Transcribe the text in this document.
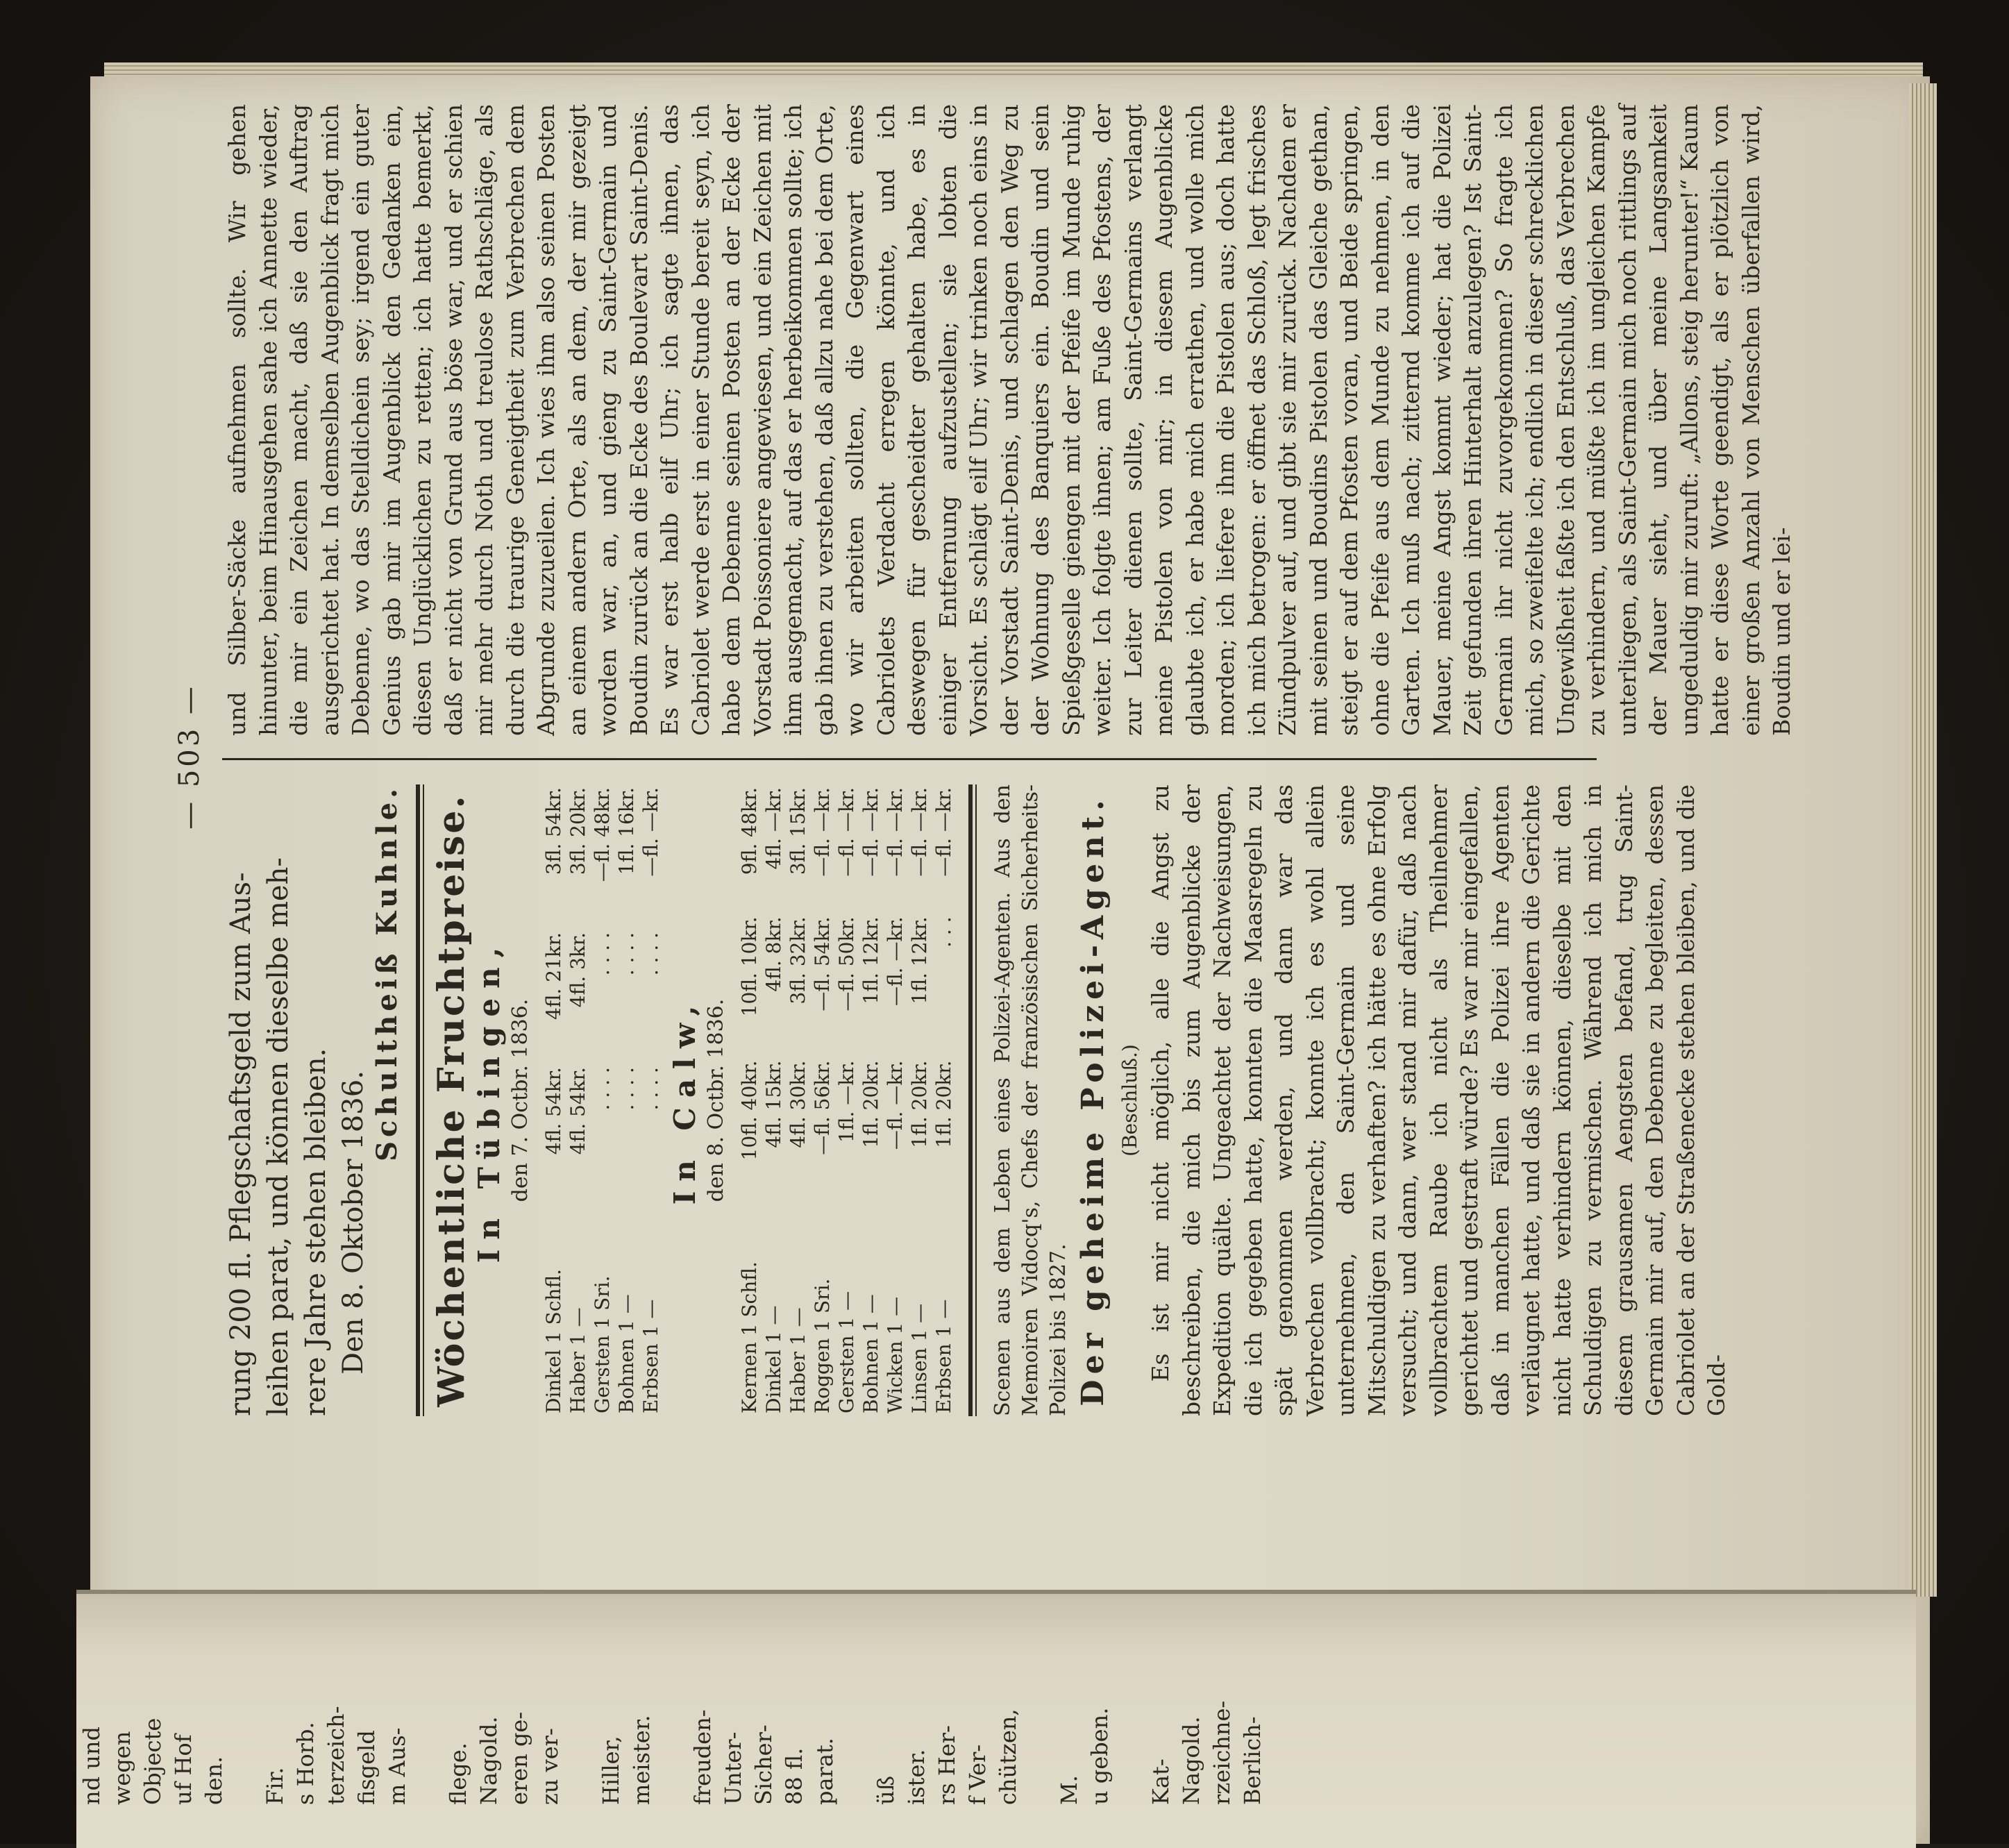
— 503 —

rung 200 fl. Pflegschaftsgeld zum Aus- leihen parat, und können dieselbe meh- rere Jahre stehen bleiben. Den 8. Oktober 1836.

Schultheiß Kuhnle. Wöchentliche Fruchtpreise. In Tübingen, den 7. Octbr. 1836.
Dinkel 1 Schfl.	4fl. 54kr.	4fl. 21kr.	3fl. 54kr.
Haber 1 —	4fl. 54kr.	4fl. 3kr.	3fl. 20kr.
Gersten 1 Sri.	. . . .	. . . .	—fl. 48kr.
Bohnen 1 —	. . . .	. . . .	1fl. 16kr.
Erbsen 1 —	. . . .	. . . .	—fl. —kr.
In Calw, den 8. Octbr. 1836.
Kernen 1 Schfl.	10fl. 40kr.	10fl. 10kr.	9fl. 48kr.
Dinkel 1 —	4fl. 15kr.	4fl. 8kr.	4fl. —kr.
Haber 1 —	4fl. 30kr.	3fl. 32kr.	3fl. 15kr.
Roggen 1 Sri.	—fl. 56kr.	—fl. 54kr.	—fl. —kr.
Gersten 1 —	1fl. —kr.	—fl. 50kr.	—fl. —kr.
Bohnen 1 —	1fl. 20kr.	1fl. 12kr.	—fl. —kr.
Wicken 1 —	—fl. —kr.	—fl. —kr.	—fl. —kr.
Linsen 1 —	1fl. 20kr.	1fl. 12kr.	—fl. —kr.
Erbsen 1 —	1fl. 20kr.	. . .	—fl. —kr. Scenen aus dem Leben eines Polizei-Agenten. Aus den Memoiren Vidocq's, Chefs der französischen Sicherheits-Polizei bis 1827. Der geheime Polizei-Agent. (Beschluß.) Es ist mir nicht möglich, alle die Angst zu beschreiben, die mich bis zum Augenblicke der Expedition quälte. Ungeachtet der Nachweisungen, die ich gegeben hatte, konnten die Maasregeln zu spät genommen werden, und dann war das Verbrechen vollbracht; konnte ich es wohl allein unternehmen, den Saint-Germain und seine Mitschuldigen zu verhaften? ich hätte es ohne Erfolg versucht; und dann, wer stand mir dafür, daß nach vollbrachtem Raube ich nicht als Theilnehmer gerichtet und gestraft würde? Es war mir eingefallen, daß in manchen Fällen die Polizei ihre Agenten verläugnet hatte, und daß sie in andern die Gerichte nicht hatte verhindern können, dieselbe mit den Schuldigen zu vermischen. Während ich mich in diesem grausamen Aengsten befand, trug Saint-Germain mir auf, den Debenne zu begleiten, dessen Cabriolet an der Straßenecke stehen bleiben, und die Gold-

und Silber-Säcke aufnehmen sollte. Wir gehen hinunter, beim Hinausgehen sahe ich Annette wieder, die mir ein Zeichen macht, daß sie den Auftrag ausgerichtet hat. In demselben Augenblick fragt mich Debenne, wo das Stelldichein sey; irgend ein guter Genius gab mir im Augenblick den Gedanken ein, diesen Unglücklichen zu retten; ich hatte bemerkt, daß er nicht von Grund aus böse war, und er schien mir mehr durch Noth und treulose Rathschläge, als durch die traurige Geneigtheit zum Verbrechen dem Abgrunde zuzueilen. Ich wies ihm also seinen Posten an einem andern Orte, als an dem, der mir gezeigt worden war, an, und gieng zu Saint-Germain und Boudin zurück an die Ecke des Boulevart Saint-Denis. Es war erst halb eilf Uhr; ich sagte ihnen, das Cabriolet werde erst in einer Stunde bereit seyn, ich habe dem Debenne seinen Posten an der Ecke der Vorstadt Poissoniere angewiesen, und ein Zeichen mit ihm ausgemacht, auf das er herbeikommen sollte; ich gab ihnen zu verstehen, daß allzu nahe bei dem Orte, wo wir arbeiten sollten, die Gegenwart eines Cabriolets Verdacht erregen könnte, und ich deswegen für gescheidter gehalten habe, es in einiger Entfernung aufzustellen; sie lobten die Vorsicht. Es schlägt eilf Uhr; wir trinken noch eins in der Vorstadt Saint-Denis, und schlagen den Weg zu der Wohnung des Banquiers ein. Boudin und sein Spießgeselle giengen mit der Pfeife im Munde ruhig weiter. Ich folgte ihnen; am Fuße des Pfostens, der zur Leiter dienen sollte, Saint-Germains verlangt meine Pistolen von mir; in diesem Augenblicke glaubte ich, er habe mich errathen, und wolle mich morden; ich liefere ihm die Pistolen aus; doch hatte ich mich betrogen: er öffnet das Schloß, legt frisches Zündpulver auf, und gibt sie mir zurück. Nachdem er mit seinen und Boudins Pistolen das Gleiche gethan, steigt er auf dem Pfosten voran, und Beide springen, ohne die Pfeife aus dem Munde zu nehmen, in den Garten. Ich muß nach; zitternd komme ich auf die Mauer, meine Angst kommt wieder; hat die Polizei Zeit gefunden ihren Hinterhalt anzulegen? Ist Saint-Germain ihr nicht zuvorgekommen? So fragte ich mich, so zweifelte ich; endlich in dieser schrecklichen Ungewißheit faßte ich den Entschluß, das Verbrechen zu verhindern, und müßte ich im ungleichen Kampfe unterliegen, als Saint-Germain mich noch rittlings auf der Mauer sieht, und über meine Langsamkeit ungeduldig mir zuruft: „Allons, steig herunter!“ Kaum hatte er diese Worte geendigt, als er plötzlich von einer großen Anzahl von Menschen überfallen wird, Boudin und er lei-

nd und wegen Objecte uf Hof den. Fir. s Horb. terzeich- fisgeld m Aus- flege. Nagold. eren ge- zu ver- Hiller, meister. freuden- Unter- Sicher- 88 fl. parat. üß ister. rs Her- f Ver- chützen, M. u geben. Kat- Nagold. rzeichne- Berlich-
